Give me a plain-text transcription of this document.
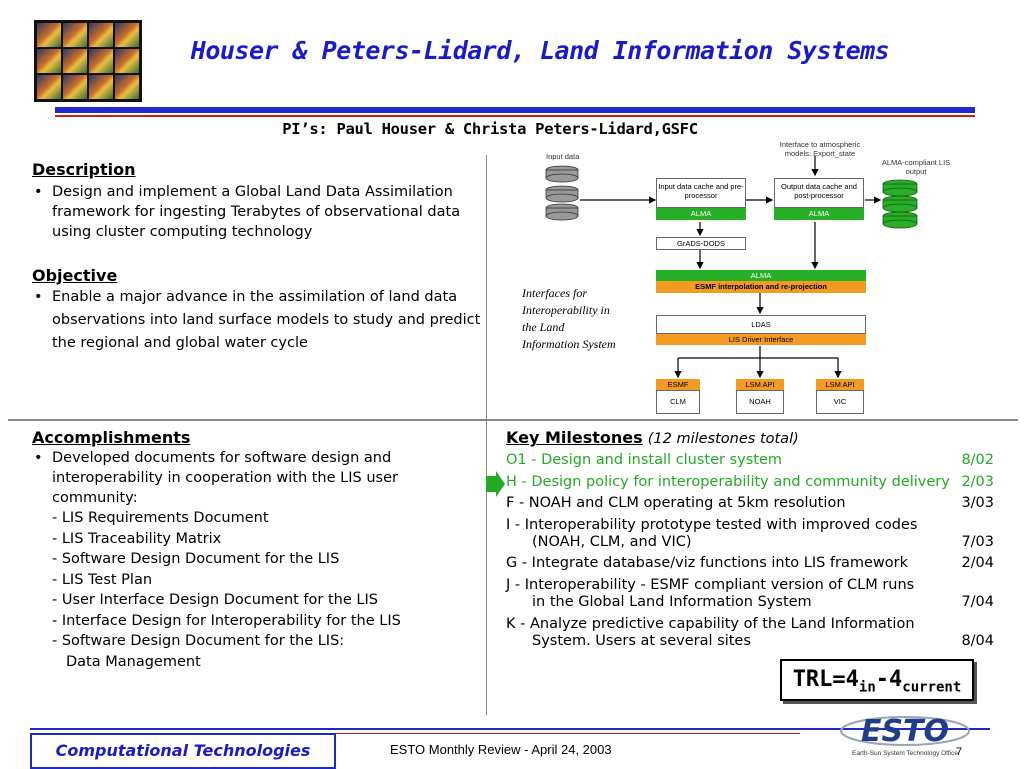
Houser & Peters-Lidard, Land Information Systems
PI’s: Paul Houser & Christa Peters-Lidard,GSFC
Description
• Design and implement a Global Land Data Assimilation framework for ingesting Terabytes of observational data using cluster computing technology
Objective
• Enable a major advance in the assimilation of land data observations into land surface models to study and predict the regional and global water cycle
Input data
Interface to atmospheric models: Export_state
ALMA-compliant LIS output
Input data cache and pre-processor
ALMA
Output data cache and post-processor
ALMA
GrADS-DODS
ALMA
ESMF interpolation and re-projection
LDAS
LIS Driver Interface
ESMF
CLM
LSM API
NOAH
LSM API
VIC
Interfaces for Interoperability in the Land Information System
Accomplishments
• Developed documents for software design and interoperability in cooperation with the LIS user community:
- LIS Requirements Document
- LIS Traceability Matrix
- Software Design Document for the LIS
- LIS Test Plan
- User Interface Design Document for the LIS
- Interface Design for Interoperability for the LIS
- Software Design Document for the LIS:
Data Management
Key Milestones (12 milestones total)
O1 - Design and install cluster system	8/02
H - Design policy for interoperability and community delivery 2/03
F - NOAH and CLM operating at 5km resolution	3/03
I - Interoperability prototype tested with improved codes
(NOAH, CLM, and VIC)	7/03
G - Integrate database/viz functions into LIS framework	2/04
J - Interoperability - ESMF compliant version of CLM runs
in the Global Land Information System	7/04
K - Analyze predictive capability of the Land Information
System. Users at several sites	8/04
$TRL=4_{in}-4_{current}$
Computational Technologies	ESTO Monthly Review - April 24, 2003
ESTO
Earth-Sun System Technology Office
7
